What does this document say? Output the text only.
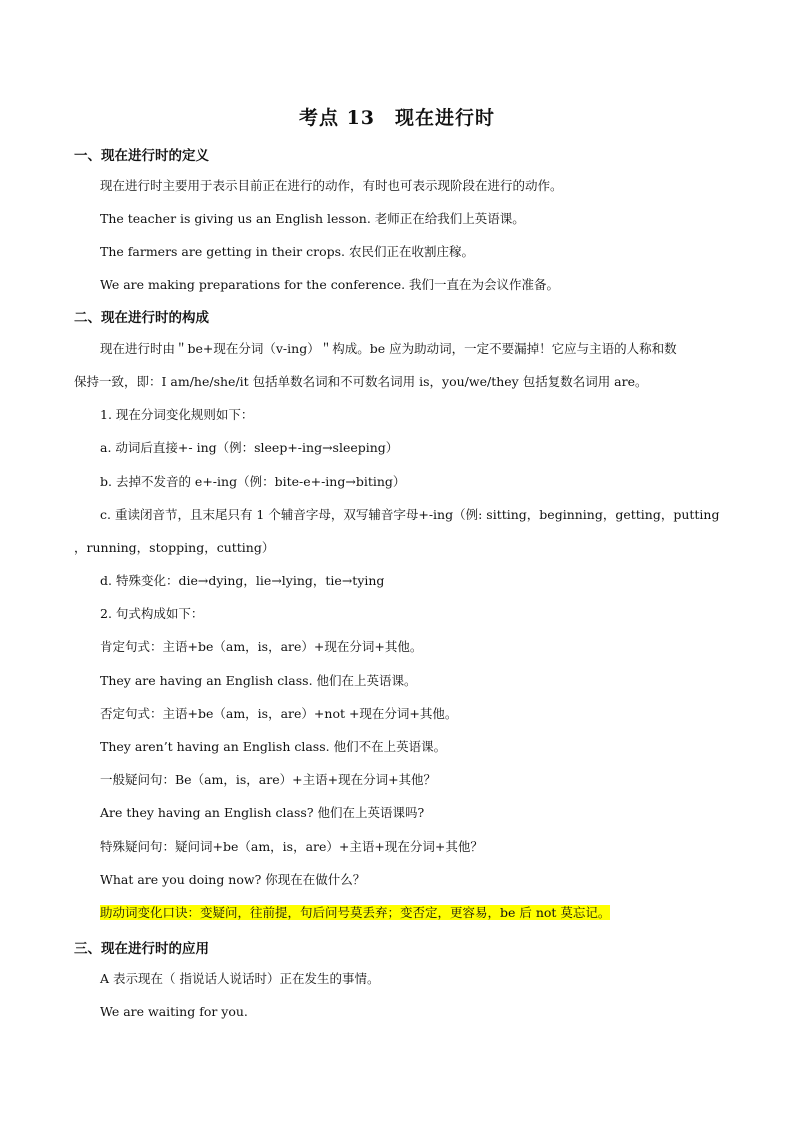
考点 13　现在进行时
一、现在进行时的定义
现在进行时主要用于表示目前正在进行的动作，有时也可表示现阶段在进行的动作。
The teacher is giving us an English lesson. 老师正在给我们上英语课。
The farmers are getting in their crops. 农民们正在收割庄稼。
We are making preparations for the conference. 我们一直在为会议作准备。
二、现在进行时的构成
现在进行时由＂be+现在分词（v-ing）＂构成。be 应为助动词，一定不要漏掉！它应与主语的人称和数
保持一致，即：I am/he/she/it 包括单数名词和不可数名词用 is，you/we/they 包括复数名词用 are。
1. 现在分词变化规则如下：
a. 动词后直接+- ing（例：sleep+-ing→sleeping）
b. 去掉不发音的 e+-ing（例：bite-e+-ing→biting）
c. 重读闭音节，且末尾只有 1 个辅音字母，双写辅音字母+-ing（例: sitting，beginning，getting，putting
，running，stopping，cutting）
d. 特殊变化：die→dying，lie→lying，tie→tying
2. 句式构成如下：
肯定句式：主语+be（am，is，are）+现在分词+其他。
They are having an English class. 他们在上英语课。
否定句式：主语+be（am，is，are）+not +现在分词+其他。
They aren’t having an English class. 他们不在上英语课。
一般疑问句：Be（am，is，are）+主语+现在分词+其他？
Are they having an English class? 他们在上英语课吗?
特殊疑问句：疑问词+be（am，is，are）+主语+现在分词+其他？
What are you doing now? 你现在在做什么？
助动词变化口诀：变疑问，往前提，句后问号莫丢弃；变否定，更容易，be 后 not 莫忘记。
三、现在进行时的应用
A 表示现在（ 指说话人说话时）正在发生的事情。
We are waiting for you.
